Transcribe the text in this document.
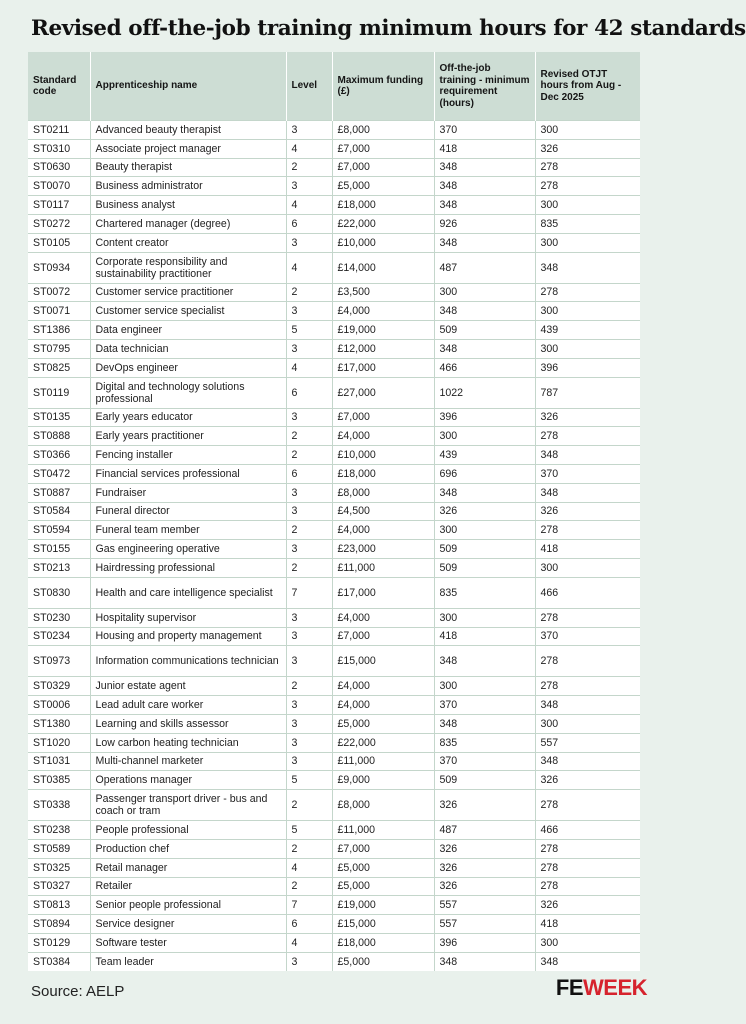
Revised off-the-job training minimum hours for 42 standards
Standard code	Apprenticeship name	Level	Maximum funding (£)	Off-the-job training - minimum requirement (hours)	Revised OTJT hours from Aug - Dec 2025
ST0211	Advanced beauty therapist	3	£8,000	370	300
ST0310	Associate project manager	4	£7,000	418	326
ST0630	Beauty therapist	2	£7,000	348	278
ST0070	Business administrator	3	£5,000	348	278
ST0117	Business analyst	4	£18,000	348	300
ST0272	Chartered manager (degree)	6	£22,000	926	835
ST0105	Content creator	3	£10,000	348	300
ST0934	Corporate responsibility and sustainability practitioner	4	£14,000	487	348
ST0072	Customer service practitioner	2	£3,500	300	278
ST0071	Customer service specialist	3	£4,000	348	300
ST1386	Data engineer	5	£19,000	509	439
ST0795	Data technician	3	£12,000	348	300
ST0825	DevOps engineer	4	£17,000	466	396
ST0119	Digital and technology solutions professional	6	£27,000	1022	787
ST0135	Early years educator	3	£7,000	396	326
ST0888	Early years practitioner	2	£4,000	300	278
ST0366	Fencing installer	2	£10,000	439	348
ST0472	Financial services professional	6	£18,000	696	370
ST0887	Fundraiser	3	£8,000	348	348
ST0584	Funeral director	3	£4,500	326	326
ST0594	Funeral team member	2	£4,000	300	278
ST0155	Gas engineering operative	3	£23,000	509	418
ST0213	Hairdressing professional	2	£11,000	509	300
ST0830	Health and care intelligence specialist	7	£17,000	835	466
ST0230	Hospitality supervisor	3	£4,000	300	278
ST0234	Housing and property management	3	£7,000	418	370
ST0973	Information communications technician	3	£15,000	348	278
ST0329	Junior estate agent	2	£4,000	300	278
ST0006	Lead adult care worker	3	£4,000	370	348
ST1380	Learning and skills assessor	3	£5,000	348	300
ST1020	Low carbon heating technician	3	£22,000	835	557
ST1031	Multi-channel marketer	3	£11,000	370	348
ST0385	Operations manager	5	£9,000	509	326
ST0338	Passenger transport driver - bus and coach or tram	2	£8,000	326	278
ST0238	People professional	5	£11,000	487	466
ST0589	Production chef	2	£7,000	326	278
ST0325	Retail manager	4	£5,000	326	278
ST0327	Retailer	2	£5,000	326	278
ST0813	Senior people professional	7	£19,000	557	326
ST0894	Service designer	6	£15,000	557	418
ST0129	Software tester	4	£18,000	396	300
ST0384	Team leader	3	£5,000	348	348
Source: AELP	FEWEEK
